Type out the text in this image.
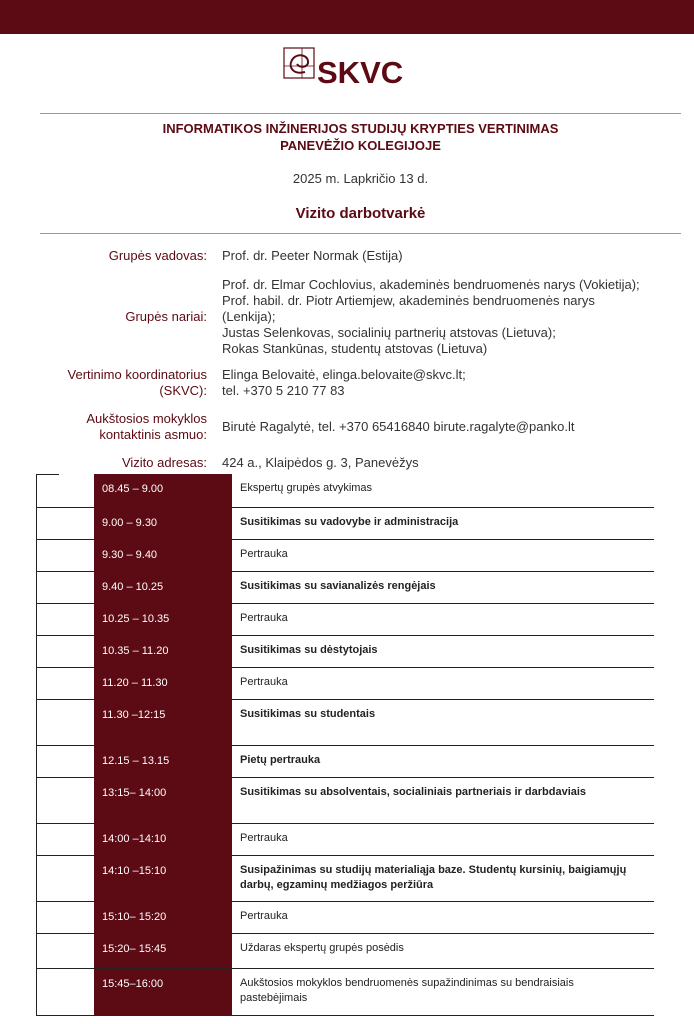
SKVC
INFORMATIKOS INŽINERIJOS STUDIJŲ KRYPTIES VERTINIMAS
PANEVĖŽIO KOLEGIJOJE
2025 m. Lapkričio 13 d.
Vizito darbotvarkė
Grupės vadovas: Prof. dr. Peeter Normak (Estija)
Grupės nariai:
Prof. dr. Elmar Cochlovius, akademinės bendruomenės narys (Vokietija);
Prof. habil. dr. Piotr Artiemjew, akademinės bendruomenės narys
(Lenkija);
Justas Selenkovas, socialinių partnerių atstovas (Lietuva);
Rokas Stankūnas, studentų atstovas (Lietuva)
Vertinimo koordinatorius
(SKVC):
Elinga Belovaitė, elinga.belovaite@skvc.lt;
tel. +370 5 210 77 83
Aukštosios mokyklos
kontaktinis asmuo:
Birutė Ragalytė, tel. +370 65416840 birute.ragalyte@panko.lt
Vizito adresas: 424 a., Klaipėdos g. 3, Panevėžys
08.45 – 9.00	Ekspertų grupės atvykimas
9.00 – 9.30	Susitikimas su vadovybe ir administracija
9.30 – 9.40	Pertrauka
9.40 – 10.25	Susitikimas su savianalizės rengėjais
10.25 – 10.35	Pertrauka
10.35 – 11.20	Susitikimas su dėstytojais
11.20 – 11.30	Pertrauka
11.30 –12:15	Susitikimas su studentais
12.15 – 13.15	Pietų pertrauka
13:15– 14:00	Susitikimas su absolventais, socialiniais partneriais ir darbdaviais
14:00 –14:10	Pertrauka
14:10 –15:10	Susipažinimas su studijų materialiąja baze. Studentų kursinių, baigiamųjų
darbų, egzaminų medžiagos peržiūra
15:10– 15:20	Pertrauka
15:20– 15:45	Uždaras ekspertų grupės posėdis
15:45–16:00	Aukštosios mokyklos bendruomenės supažindinimas su bendraisiais
pastebėjimais
